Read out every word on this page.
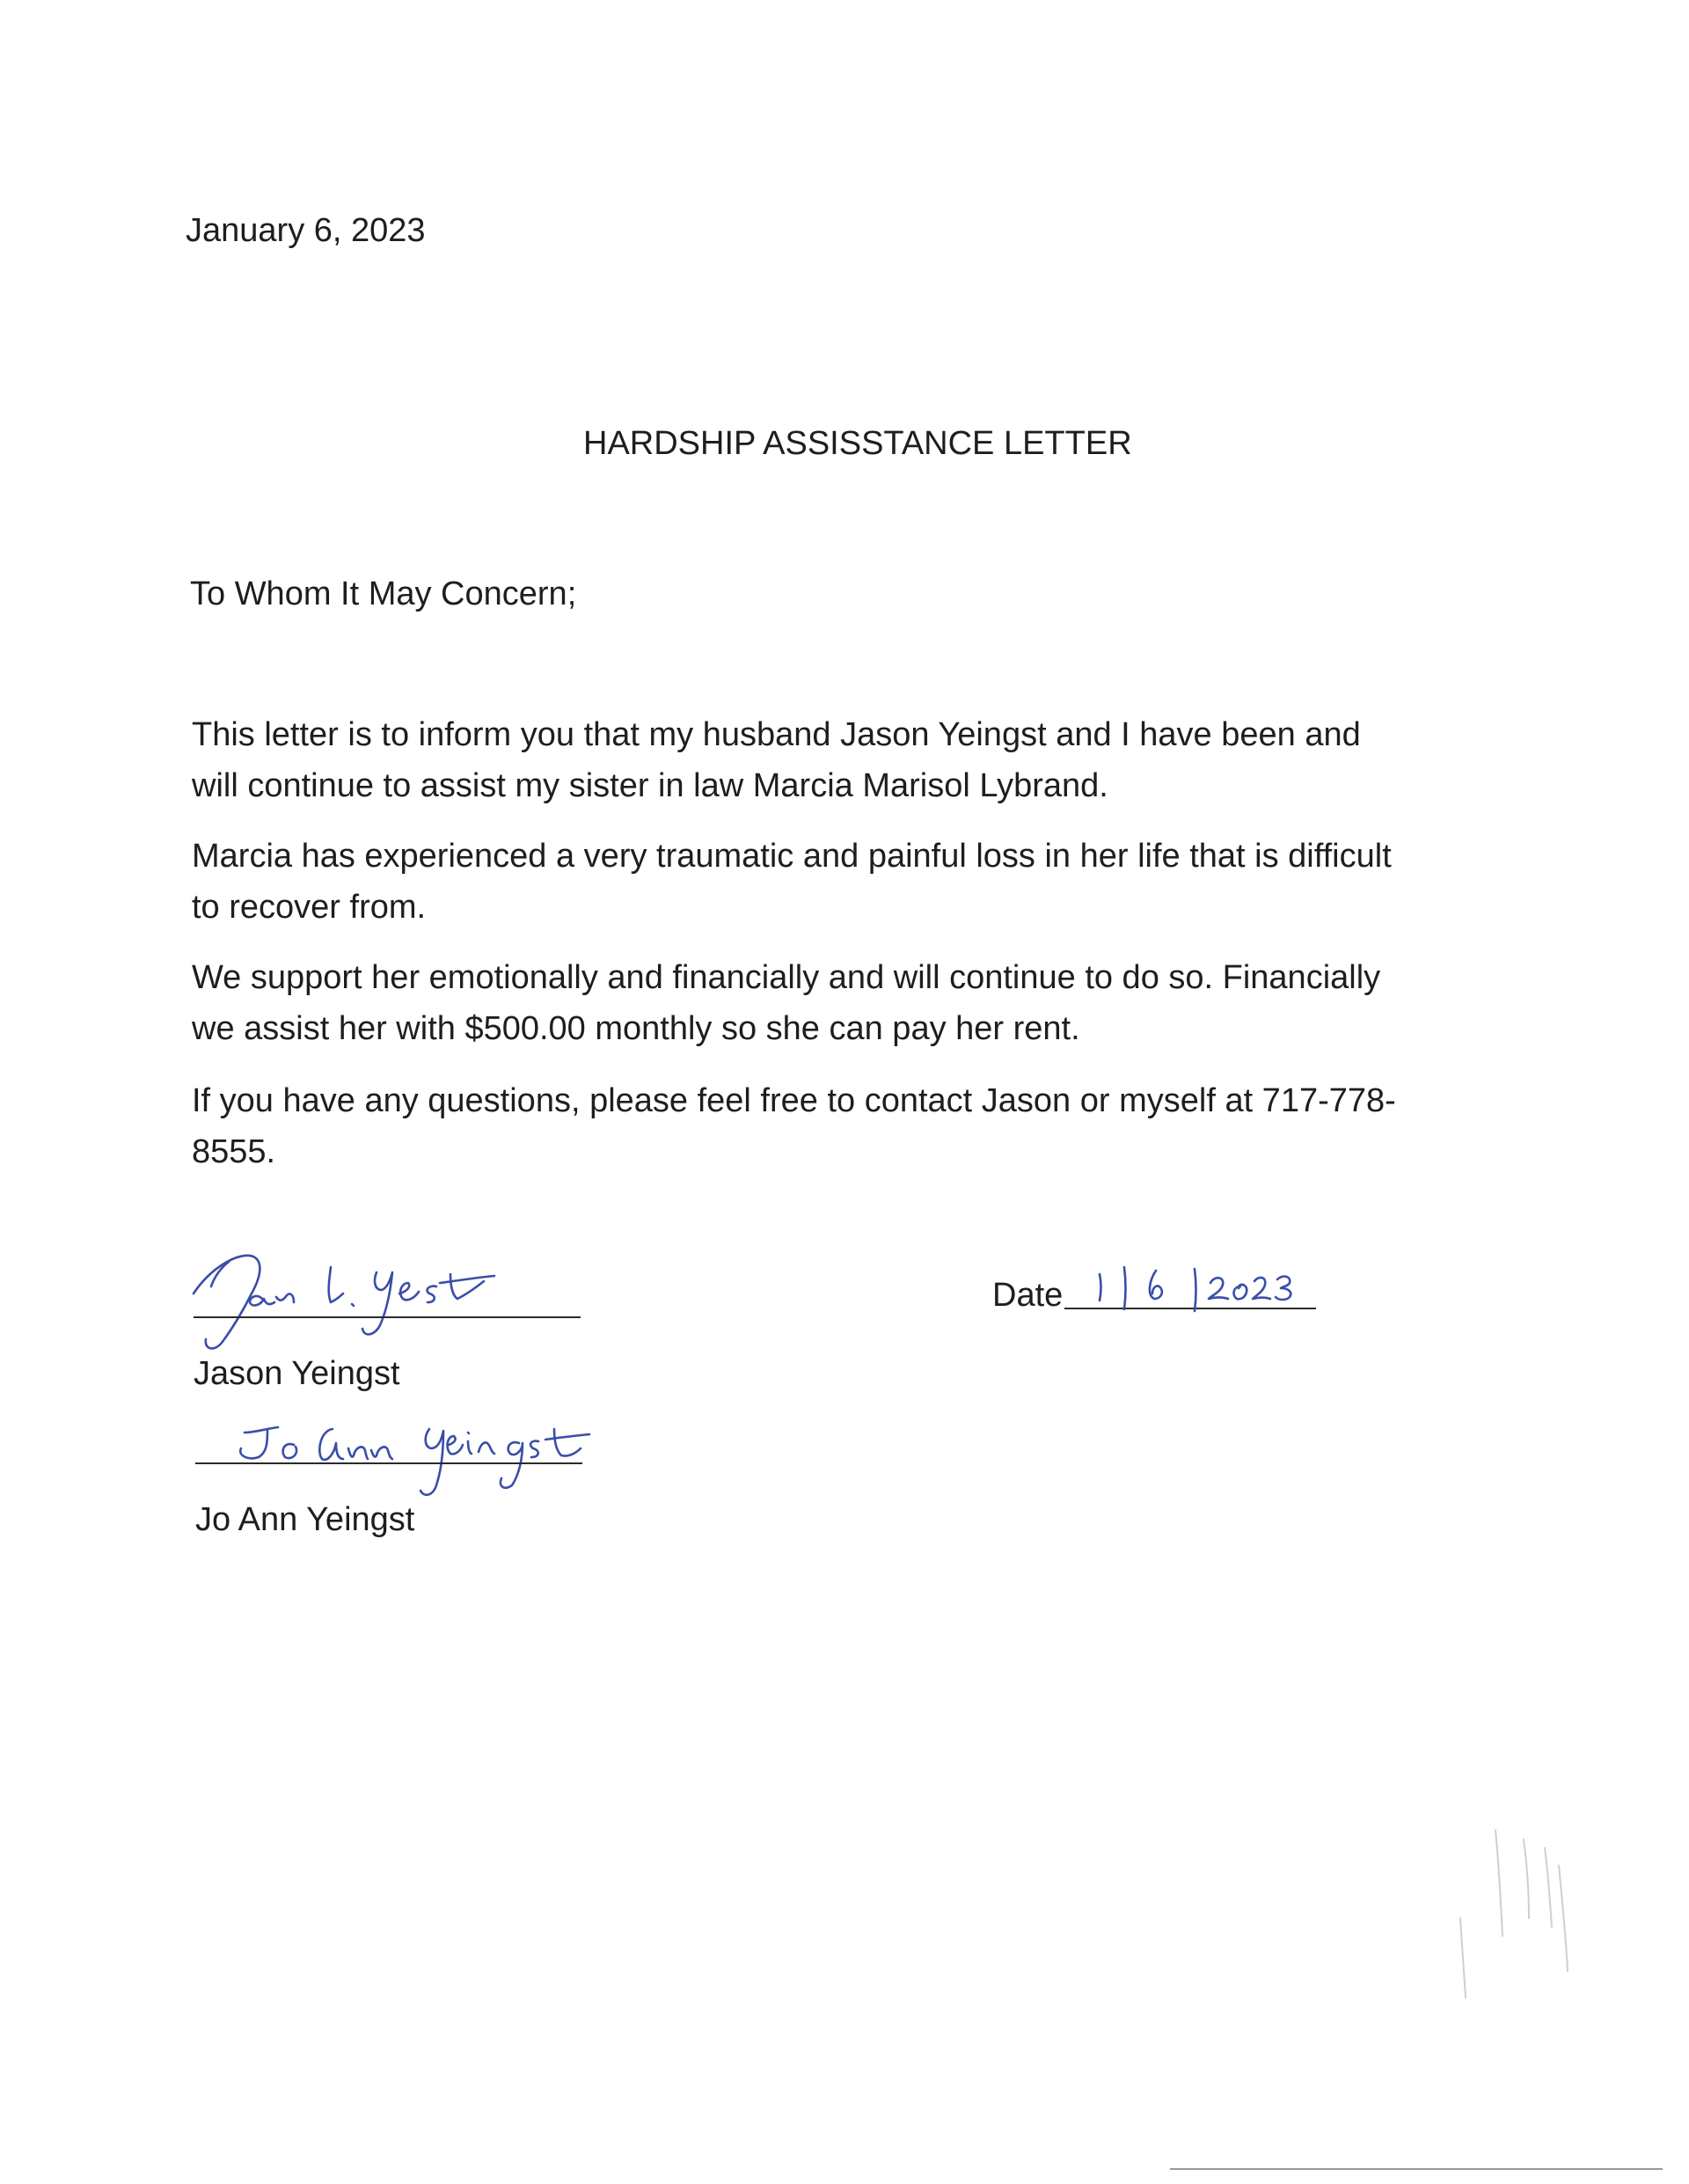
January 6, 2023
HARDSHIP ASSISSTANCE LETTER
To Whom It May Concern;
This letter is to inform you that my husband Jason Yeingst and I have been and
will continue to assist my sister in law Marcia Marisol Lybrand.
Marcia has experienced a very traumatic and painful loss in her life that is difficult
to recover from.
We support her emotionally and financially and will continue to do so. Financially
we assist her with $500.00 monthly so she can pay her rent.
If you have any questions, please feel free to contact Jason or myself at 717-778-
8555.
Jason Yeingst
Jo Ann Yeingst
Date
